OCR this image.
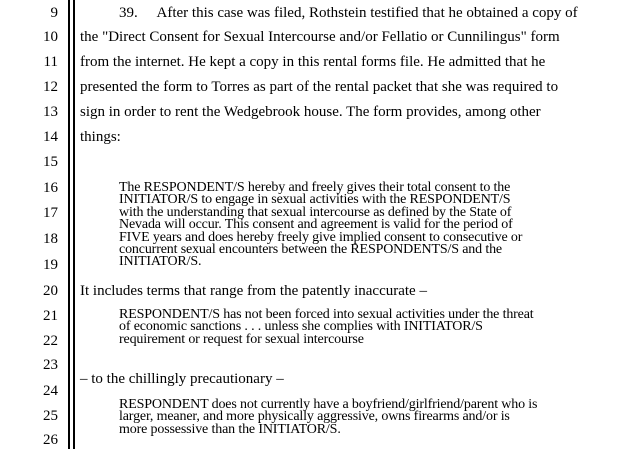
9
10
11
12
13
14
15
16
17
18
19
20
21
22
23
24
25
26
39.     After this case was filed, Rothstein testified that he obtained a copy of
the "Direct Consent for Sexual Intercourse and/or Fellatio or Cunnilingus" form
from the internet. He kept a copy in this rental forms file. He admitted that he
presented the form to Torres as part of the rental packet that she was required to
sign in order to rent the Wedgebrook house. The form provides, among other
things:
The RESPONDENT/S hereby and freely gives their total consent to the
INITIATOR/S to engage in sexual activities with the RESPONDENT/S
with the understanding that sexual intercourse as defined by the State of
Nevada will occur. This consent and agreement is valid for the period of
FIVE years and does hereby freely give implied consent to consecutive or
concurrent sexual encounters between the RESPONDENTS/S and the
INITIATOR/S.
It includes terms that range from the patently inaccurate –
RESPONDENT/S has not been forced into sexual activities under the threat
of economic sanctions . . . unless she complies with INITIATOR/S
requirement or request for sexual intercourse
– to the chillingly precautionary –
RESPONDENT does not currently have a boyfriend/girlfriend/parent who is
larger, meaner, and more physically aggressive, owns firearms and/or is
more possessive than the INITIATOR/S.
